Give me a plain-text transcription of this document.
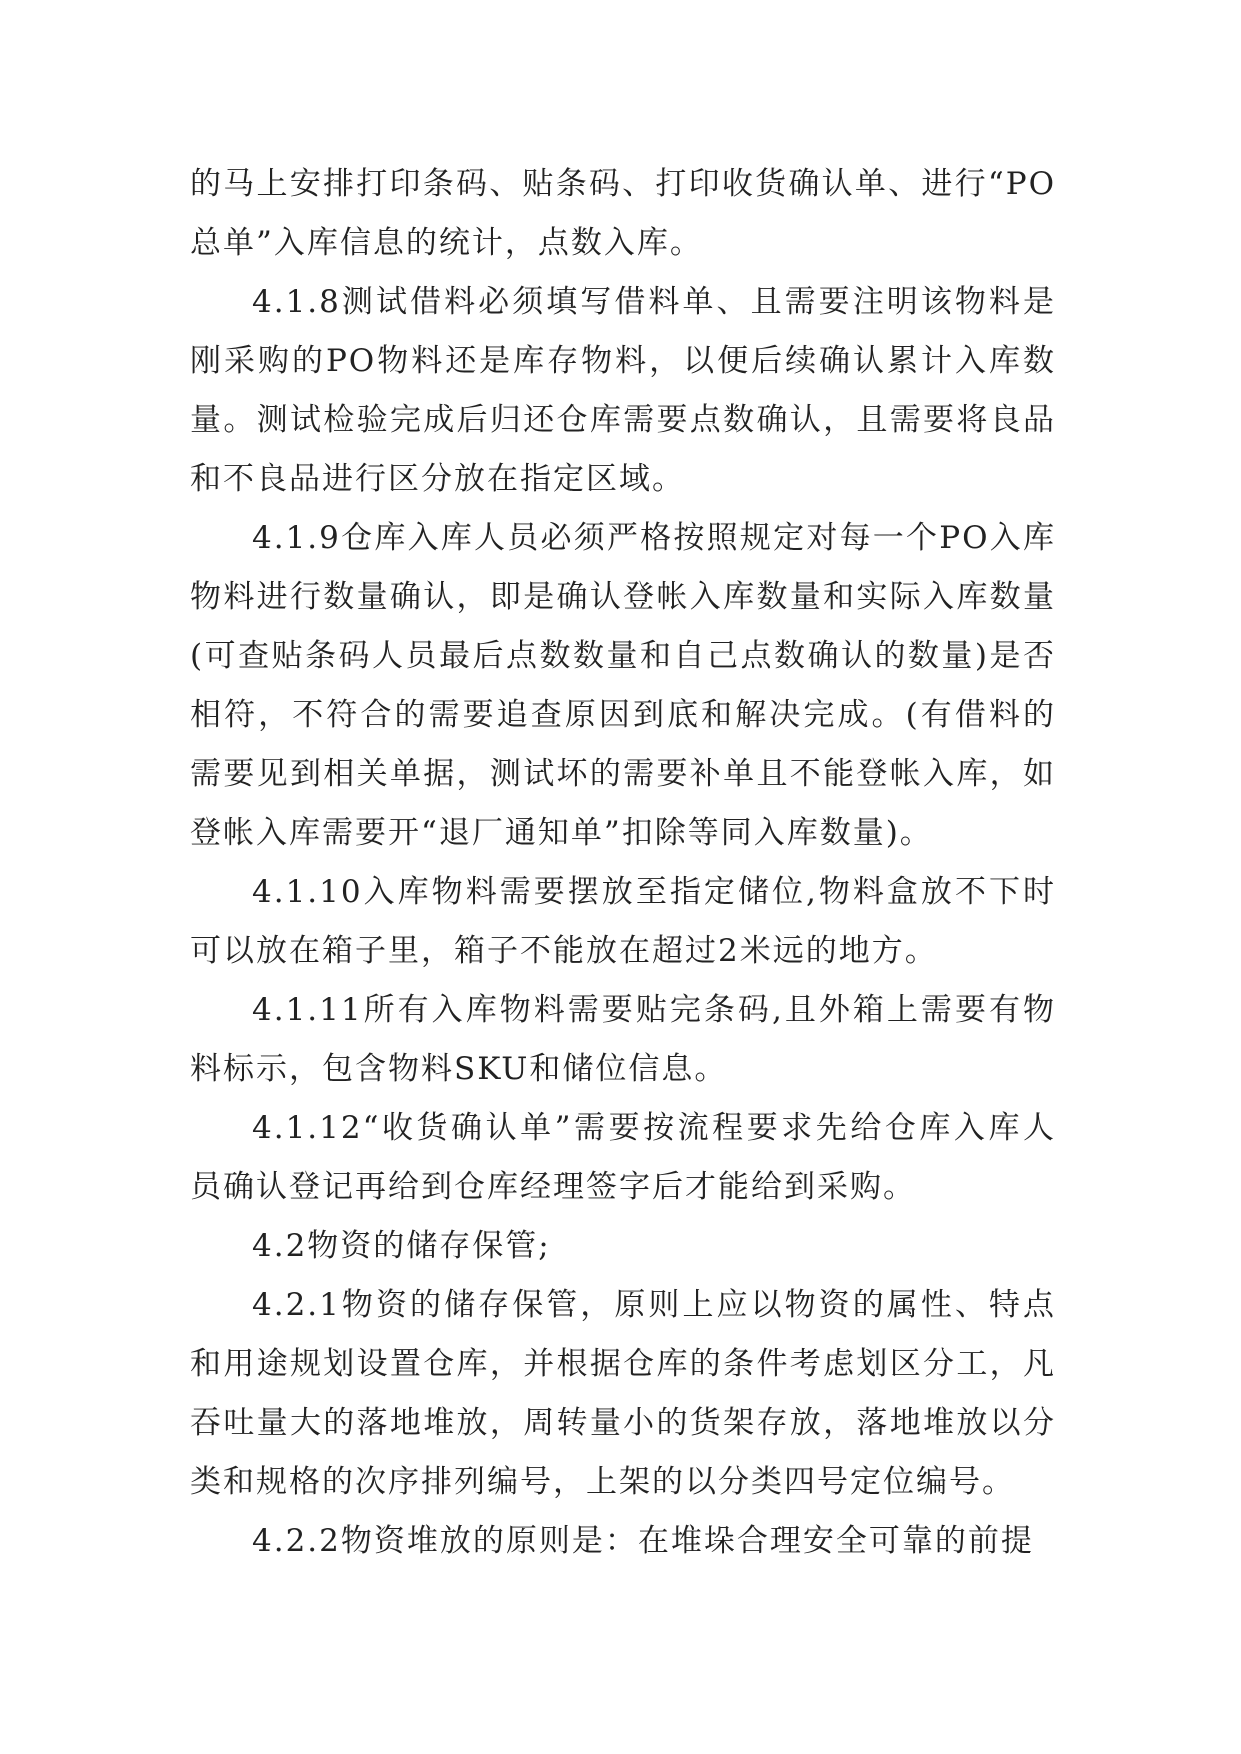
的马上安排打印条码、贴条码、打印收货确认单、进行“PO总单”入库信息的统计，点数入库。

4.1.8测试借料必须填写借料单、且需要注明该物料是刚采购的PO物料还是库存物料，以便后续确认累计入库数量。测试检验完成后归还仓库需要点数确认，且需要将良品和不良品进行区分放在指定区域。

4.1.9仓库入库人员必须严格按照规定对每一个PO入库物料进行数量确认，即是确认登帐入库数量和实际入库数量(可查贴条码人员最后点数数量和自己点数确认的数量)是否相符，不符合的需要追查原因到底和解决完成。(有借料的需要见到相关单据，测试坏的需要补单且不能登帐入库，如登帐入库需要开“退厂通知单”扣除等同入库数量)。

4.1.10入库物料需要摆放至指定储位,物料盒放不下时可以放在箱子里，箱子不能放在超过2米远的地方。

4.1.11所有入库物料需要贴完条码,且外箱上需要有物料标示，包含物料SKU和储位信息。

4.1.12“收货确认单”需要按流程要求先给仓库入库人员确认登记再给到仓库经理签字后才能给到采购。

4.2物资的储存保管;

4.2.1物资的储存保管，原则上应以物资的属性、特点和用途规划设置仓库，并根据仓库的条件考虑划区分工，凡吞吐量大的落地堆放，周转量小的货架存放，落地堆放以分类和规格的次序排列编号，上架的以分类四号定位编号。

4.2.2物资堆放的原则是：在堆垛合理安全可靠的前提
